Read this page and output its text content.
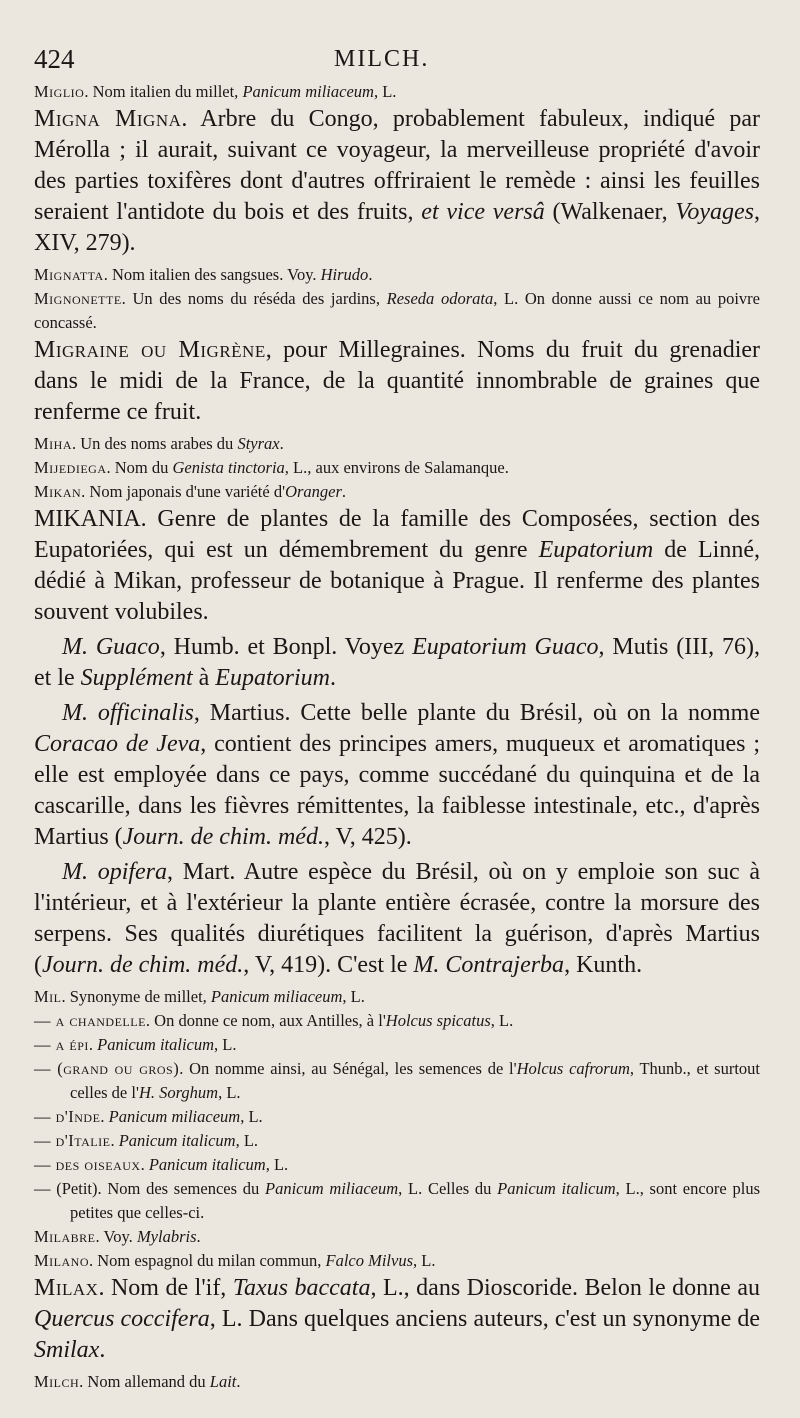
424	MILCH.

Miglio. Nom italien du millet, Panicum miliaceum, L.

Migna Migna. Arbre du Congo, probablement fabuleux, indiqué par Mérolla ; il aurait, suivant ce voyageur, la merveilleuse propriété d'avoir des parties toxifères dont d'autres offriraient le remède : ainsi les feuilles seraient l'antidote du bois et des fruits, et vice versâ (Walkenaer, Voyages, XIV, 279).

Mignatta. Nom italien des sangsues. Voy. Hirudo.

Mignonette. Un des noms du réséda des jardins, Reseda odorata, L. On donne aussi ce nom au poivre concassé.

Migraine ou Migrène, pour Millegraines. Noms du fruit du grenadier dans le midi de la France, de la quantité innombrable de graines que renferme ce fruit.

Miha. Un des noms arabes du Styrax.

Mijediega. Nom du Genista tinctoria, L., aux environs de Salamanque.

Mikan. Nom japonais d'une variété d'Oranger.

MIKANIA. Genre de plantes de la famille des Composées, section des Eupatoriées, qui est un démembrement du genre Eupatorium de Linné, dédié à Mikan, professeur de botanique à Prague. Il renferme des plantes souvent volubiles.

M. Guaco, Humb. et Bonpl. Voyez Eupatorium Guaco, Mutis (III, 76), et le Supplément à Eupatorium.

M. officinalis, Martius. Cette belle plante du Brésil, où on la nomme Coracao de Jeva, contient des principes amers, muqueux et aromatiques ; elle est employée dans ce pays, comme succédané du quinquina et de la cascarille, dans les fièvres rémittentes, la faiblesse intestinale, etc., d'après Martius (Journ. de chim. méd., V, 425).

M. opifera, Mart. Autre espèce du Brésil, où on y emploie son suc à l'intérieur, et à l'extérieur la plante entière écrasée, contre la morsure des serpens. Ses qualités diurétiques facilitent la guérison, d'après Martius (Journ. de chim. méd., V, 419). C'est le M. Contrajerba, Kunth.

Mil. Synonyme de millet, Panicum miliaceum, L.

— a chandelle. On donne ce nom, aux Antilles, à l'Holcus spicatus, L.

— a épi. Panicum italicum, L.

— (grand ou gros). On nomme ainsi, au Sénégal, les semences de l'Holcus cafrorum, Thunb., et surtout celles de l'H. Sorghum, L.

— d'Inde. Panicum miliaceum, L.

— d'Italie. Panicum italicum, L.

— des oiseaux. Panicum italicum, L.

— (Petit). Nom des semences du Panicum miliaceum, L. Celles du Panicum italicum, L., sont encore plus petites que celles-ci.

Milabre. Voy. Mylabris.

Milano. Nom espagnol du milan commun, Falco Milvus, L.

Milax. Nom de l'if, Taxus baccata, L., dans Dioscoride. Belon le donne au Quercus coccifera, L. Dans quelques anciens auteurs, c'est un synonyme de Smilax.

Milch. Nom allemand du Lait.
